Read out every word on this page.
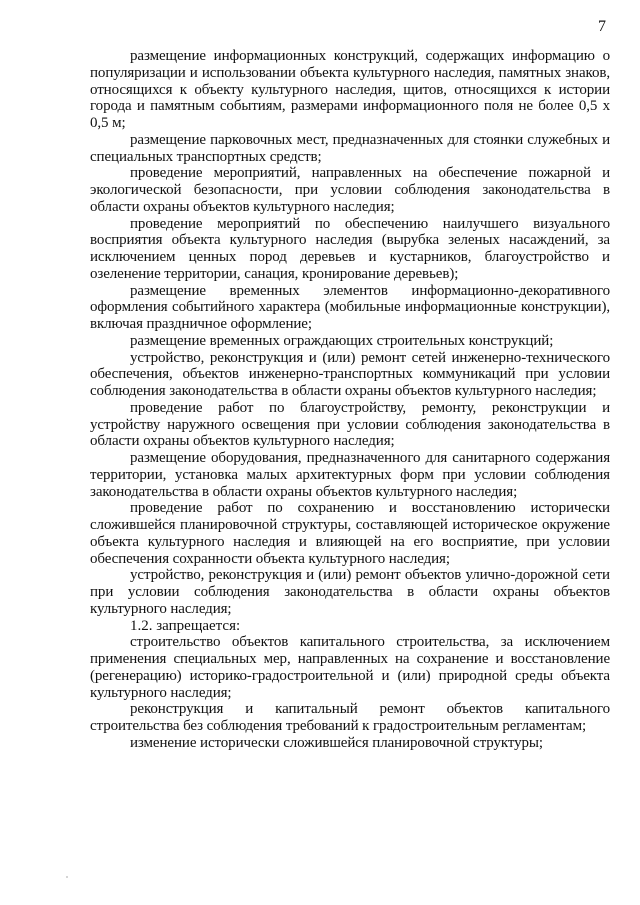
7

размещение информационных конструкций, содержащих информацию о популяризации и использовании объекта культурного наследия, памятных знаков, относящихся к объекту культурного наследия, щитов, относящихся к истории города и памятным событиям, размерами информационного поля не более 0,5 х 0,5 м;

размещение парковочных мест, предназначенных для стоянки служебных и специальных транспортных средств;

проведение мероприятий, направленных на обеспечение пожарной и экологической безопасности, при условии соблюдения законодательства в области охраны объектов культурного наследия;

проведение мероприятий по обеспечению наилучшего визуального восприятия объекта культурного наследия (вырубка зеленых насаждений, за исключением ценных пород деревьев и кустарников, благоустройство и озеленение территории, санация, кронирование деревьев);

размещение временных элементов информационно-декоративного оформления событийного характера (мобильные информационные конструкции), включая праздничное оформление;

размещение временных ограждающих строительных конструкций;

устройство, реконструкция и (или) ремонт сетей инженерно-технического обеспечения, объектов инженерно-транспортных коммуникаций при условии соблюдения законодательства в области охраны объектов культурного наследия;

проведение работ по благоустройству, ремонту, реконструкции и устройству наружного освещения при условии соблюдения законодательства в области охраны объектов культурного наследия;

размещение оборудования, предназначенного для санитарного содержания территории, установка малых архитектурных форм при условии соблюдения законодательства в области охраны объектов культурного наследия;

проведение работ по сохранению и восстановлению исторически сложившейся планировочной структуры, составляющей историческое окружение объекта культурного наследия и влияющей на его восприятие, при условии обеспечения сохранности объекта культурного наследия;

устройство, реконструкция и (или) ремонт объектов улично-дорожной сети при условии соблюдения законодательства в области охраны объектов культурного наследия;

1.2. запрещается:

строительство объектов капитального строительства, за исключением применения специальных мер, направленных на сохранение и восстановление (регенерацию) историко-градостроительной и (или) природной среды объекта культурного наследия;

реконструкция и капитальный ремонт объектов капитального строительства без соблюдения требований к градостроительным регламентам;

изменение исторически сложившейся планировочной структуры;
